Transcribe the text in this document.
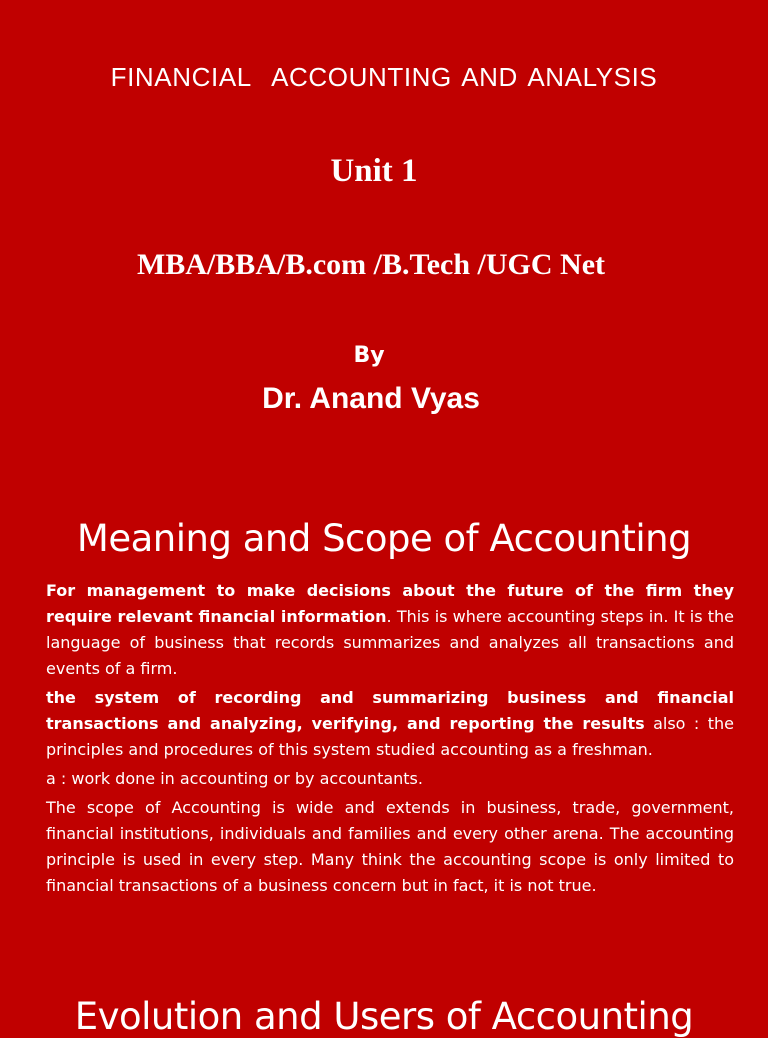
FINANCIAL  ACCOUNTING AND ANALYSIS
Unit 1
MBA/BBA/B.com /B.Tech /UGC Net
By
Dr. Anand Vyas
Meaning and Scope of Accounting

For management to make decisions about the future of the firm they require relevant financial information. This is where accounting steps in. It is the language of business that records summarizes and analyzes all transactions and events of a firm.

the system of recording and summarizing business and financial transactions and analyzing, verifying, and reporting the results also : the principles and procedures of this system studied accounting as a freshman.

a : work done in accounting or by accountants.

The scope of Accounting is wide and extends in business, trade, government, financial institutions, individuals and families and every other arena. The accounting principle is used in every step. Many think the accounting scope is only limited to financial transactions of a business concern but in fact, it is not true.

Evolution and Users of Accounting
